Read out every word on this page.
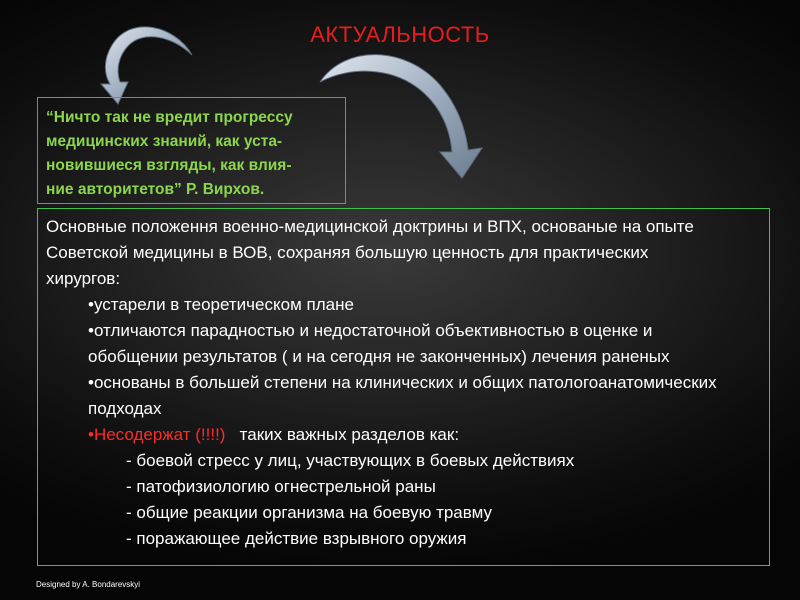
АКТУАЛЬНОСТЬ
“Ничто так не вредит прогрессу
медицинских знаний, как уста-
новившиеся взгляды, как влия-
ние авторитетов” Р. Вирхов.
Основные положення военно-медицинской доктрины и ВПХ, основаные на опыте
Советской медицины в ВОВ, сохраняя большую ценность для практических
хирургов:
•устарели в теоретическом плане
•отличаются парадностью и недостаточной объективностью в оценке и
обобщении результатов ( и на сегодня не законченных) лечения раненых
•основаны в большей степени на клинических и общих патологоанатомических
подходах
•Несодержат (!!!!)   таких важных разделов как:
- боевой стресс у лиц, участвующих в боевых действиях
- патофизиологию огнестрельной раны
- общие реакции организма на боевую травму
- поражающее действие взрывного оружия
Designed by A. Bondarevskyi
